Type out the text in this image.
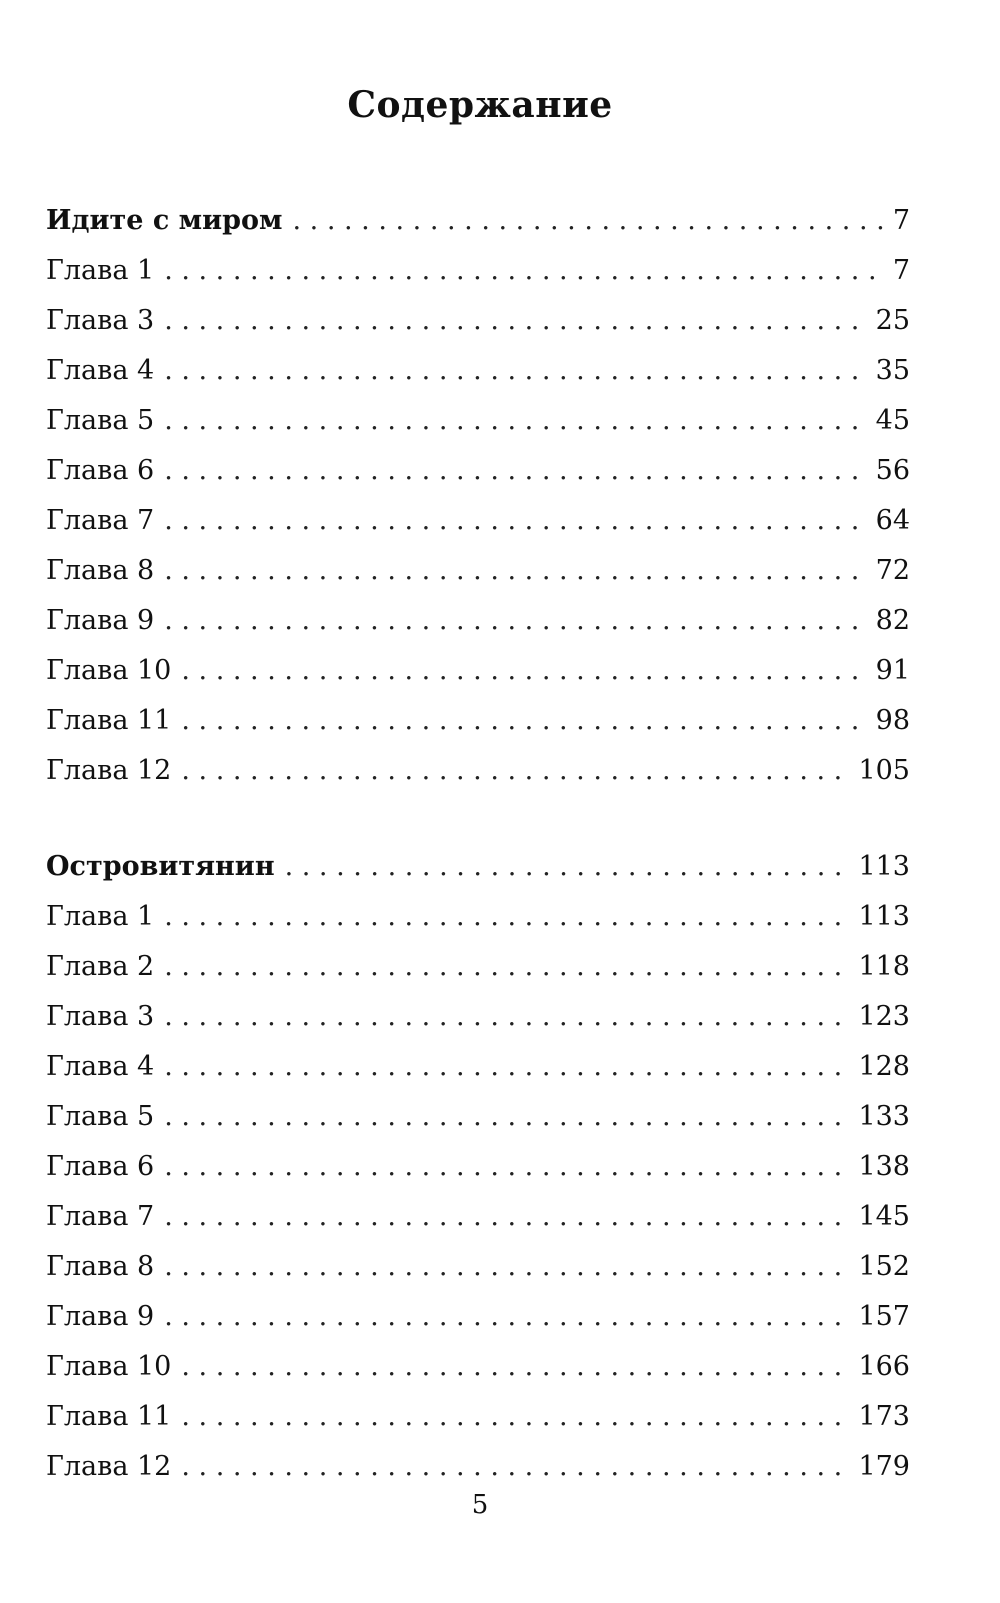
Содержание
Идите с миром . . .	7
Глава 1 . . .	7
Глава 3 . . .	25
Глава 4 . . .	35
Глава 5 . . .	45
Глава 6 . . .	56
Глава 7 . . .	64
Глава 8 . . .	72
Глава 9 . . .	82
Глава 10 . . .	91
Глава 11 . . .	98
Глава 12 . . .	105
Островитянин . . .	113
Глава 1 . . .	113
Глава 2 . . .	118
Глава 3 . . .	123
Глава 4 . . .	128
Глава 5 . . .	133
Глава 6 . . .	138
Глава 7 . . .	145
Глава 8 . . .	152
Глава 9 . . .	157
Глава 10 . . .	166
Глава 11 . . .	173
Глава 12 . . .	179
5
